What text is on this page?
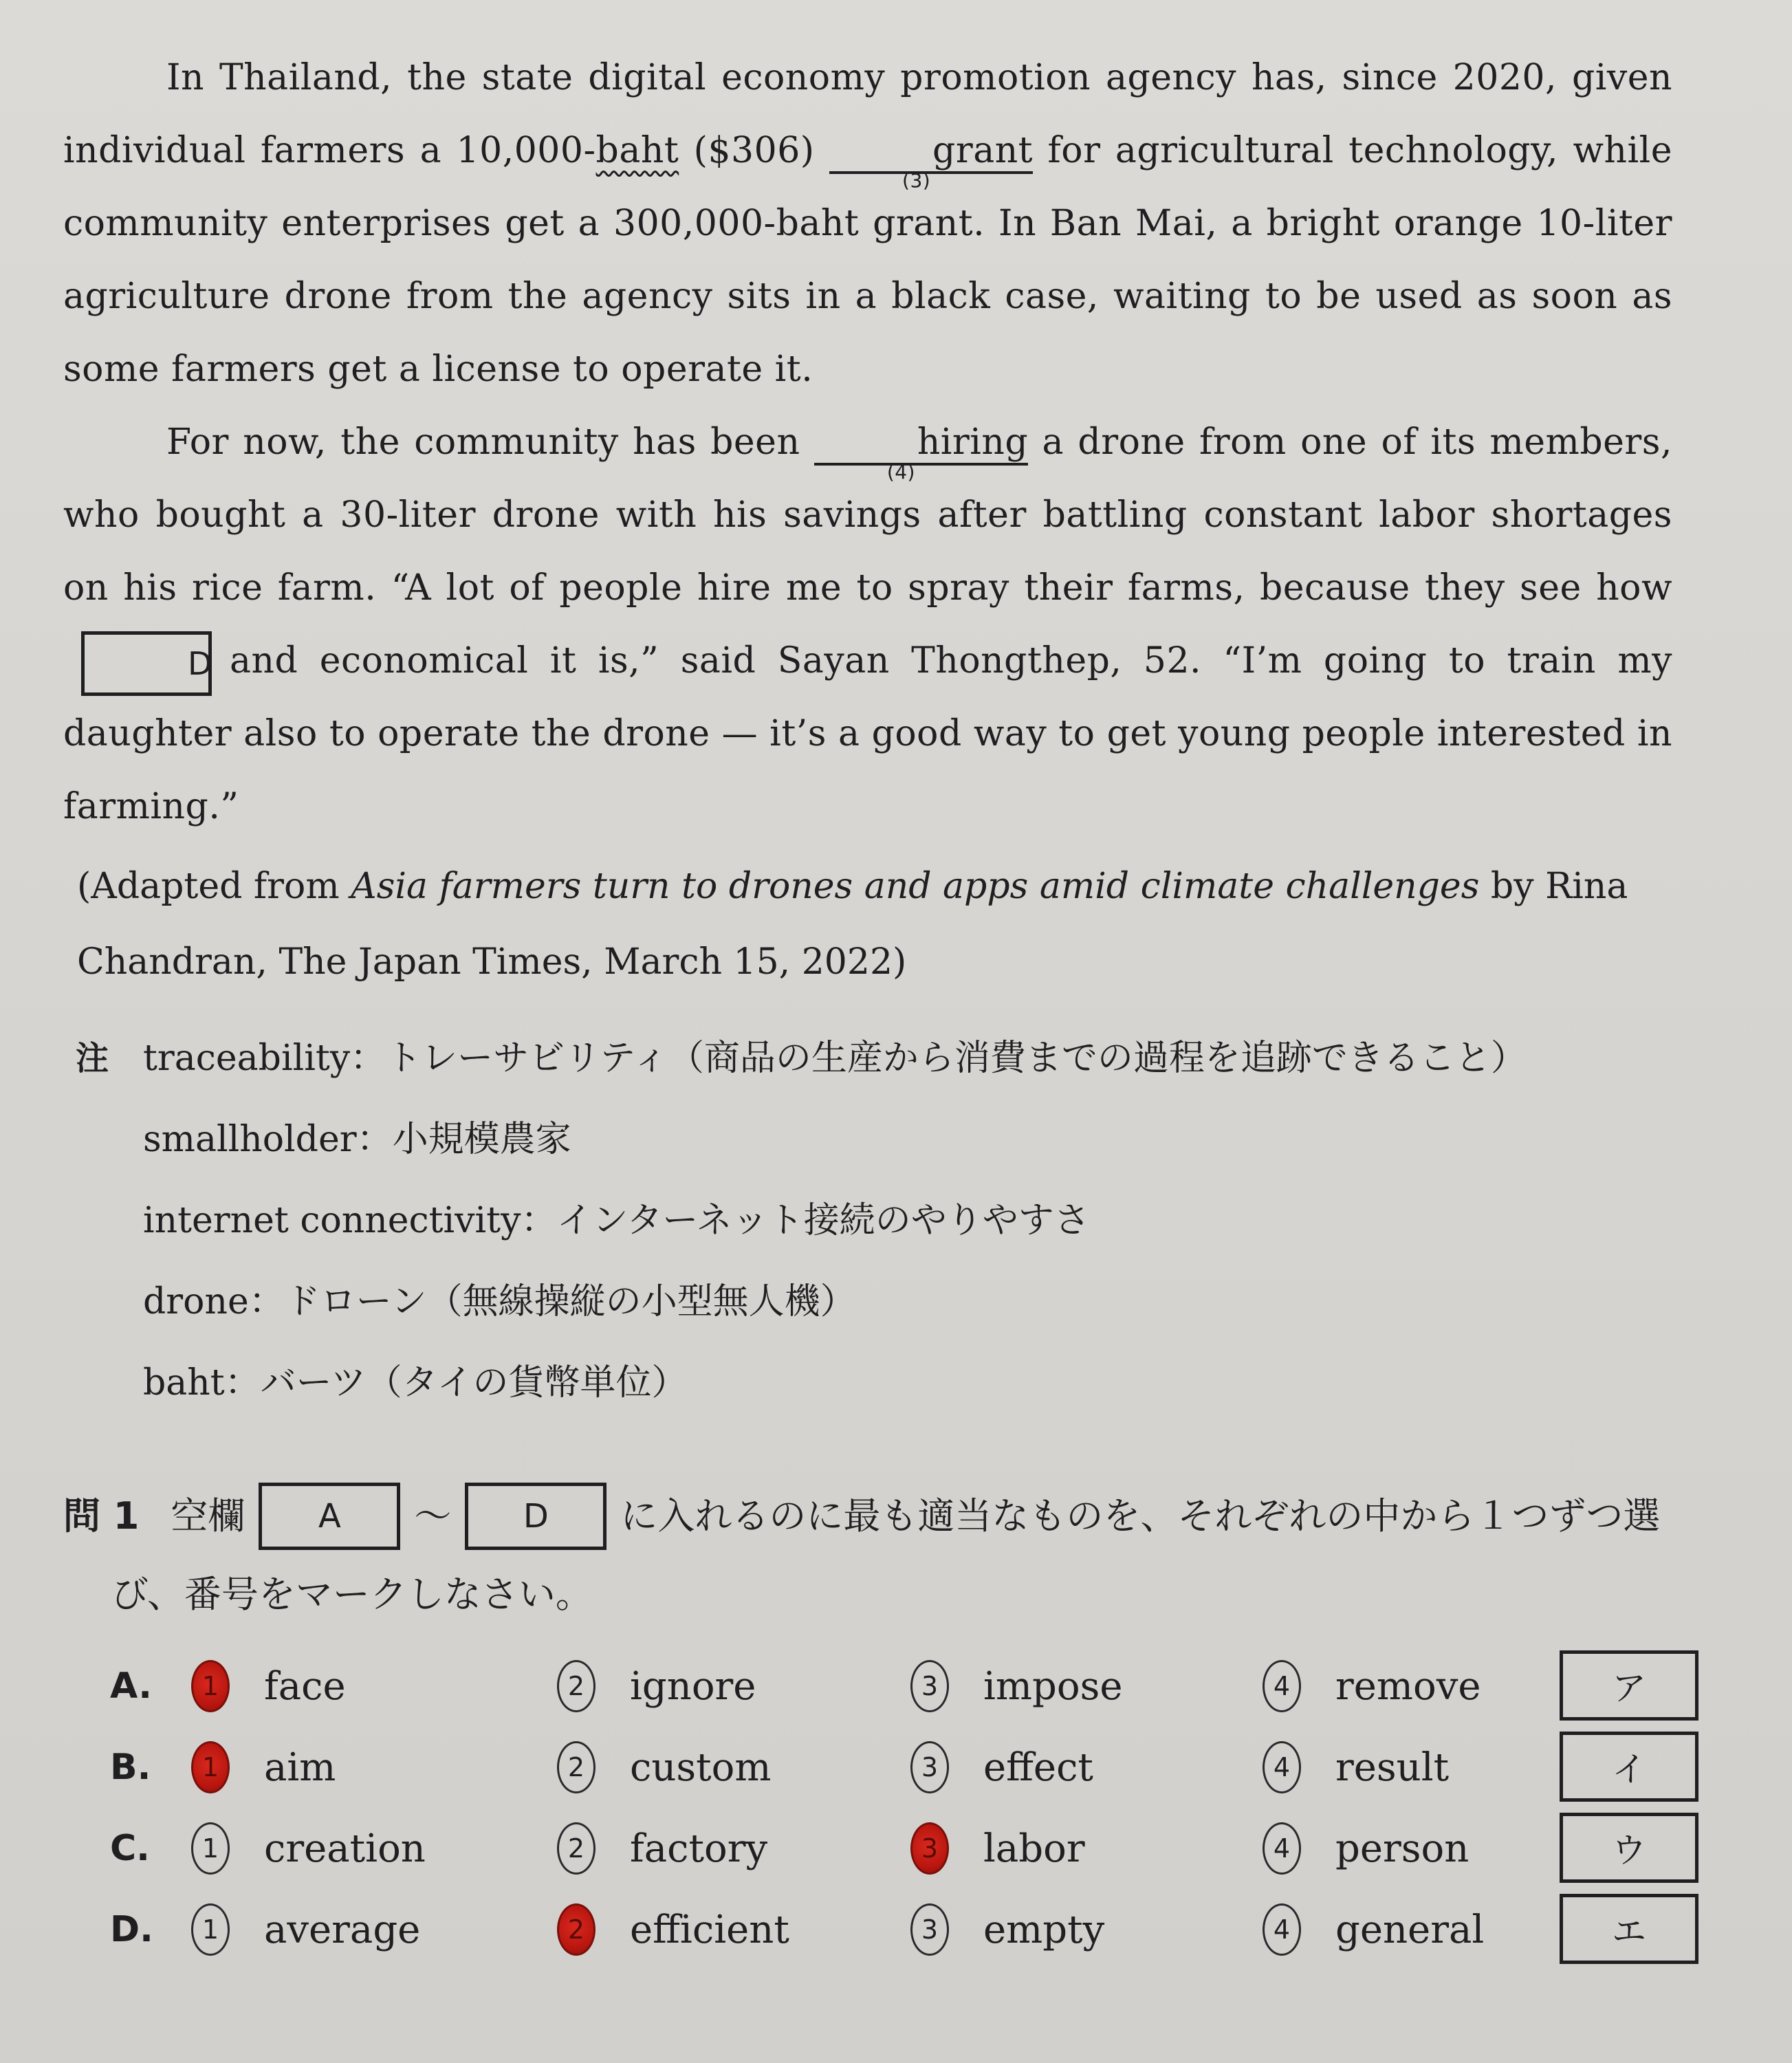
In Thailand, the state digital economy promotion agency has, since 2020, given individual farmers a 10,000-baht ($306)
(3)
grant for agricultural technology, while community enterprises get a 300,000-baht grant. In Ban Mai, a bright orange 10-liter agriculture drone from the agency sits in a black case, waiting to be used as soon as some farmers get a license to operate it.

For now, the community has been
(4)
hiring a drone from one of its members, who bought a 30-liter drone with his savings after battling constant labor shortages on his rice farm. “A lot of people hire me to spray their farms, because they see howD and economical it is,” said Sayan Thongthep, 52. “I’m going to train my daughter also to operate the drone — it’s a good way to get young people interested in farming.”

(Adapted from Asia farmers turn to drones and apps amid climate challenges by Rina Chandran, The Japan Times, March 15, 2022)

注 traceability：トレーサビリティ（商品の生産から消費までの過程を追跡できること）
smallholder：小規模農家
internet connectivity：インターネット接続のやりやすさ
drone：ドローン（無線操縦の小型無人機）
baht：バーツ（タイの貨幣単位）
問 1 空欄	A	～	D	に入れるのに最も適当なものを、それぞれの中から１つずつ選
び、番号をマークしなさい。
A.	1 face	2 ignore	3 impose	4 remove	ア
B.	1 aim	2 custom	3 effect	4 result	イ
C.	1 creation	2 factory	3 labor	4 person	ウ
D.	1 average	2 efficient	3 empty	4 general	エ
